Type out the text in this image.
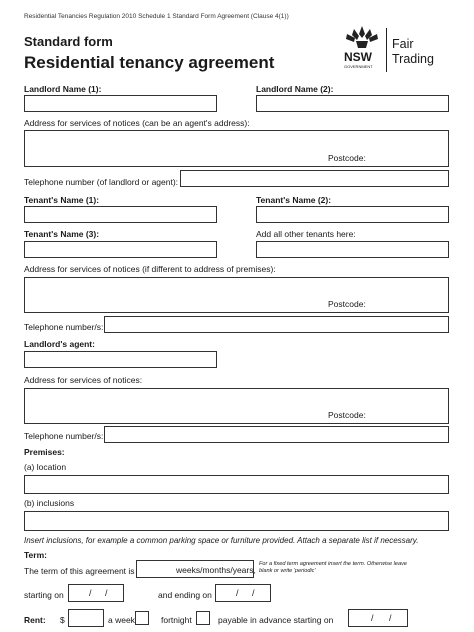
Residential Tenancies Regulation 2010 Schedule 1 Standard Form Agreement (Clause 4(1))
Standard form
Residential tenancy agreement	NSW
GOVERNMENT
Fair
Trading
Landlord Name (1):	Landlord Name (2):
Address for services of notices (can be an agent's address):
Postcode:
Telephone number (of landlord or agent):
Tenant's Name (1):	Tenant's Name (2):
Tenant's Name (3):	Add all other tenants here:
Address for services of notices (if different to address of premises):
Postcode:
Telephone number/s:
Landlord's agent:
Address for services of notices:
Postcode:
Telephone number/s:
Premises:
(a) location
(b) inclusions
Insert inclusions, for example a common parking space or furniture provided. Attach a separate list if necessary.
Term:
The term of this agreement is	weeks/months/years,
For a fixed term agreement insert the term. Otherwise leave blank or write 'periodic'
starting on	/ /	and ending on	/ /
Rent: $	a week	fortnight	payable in advance starting on	/ /
